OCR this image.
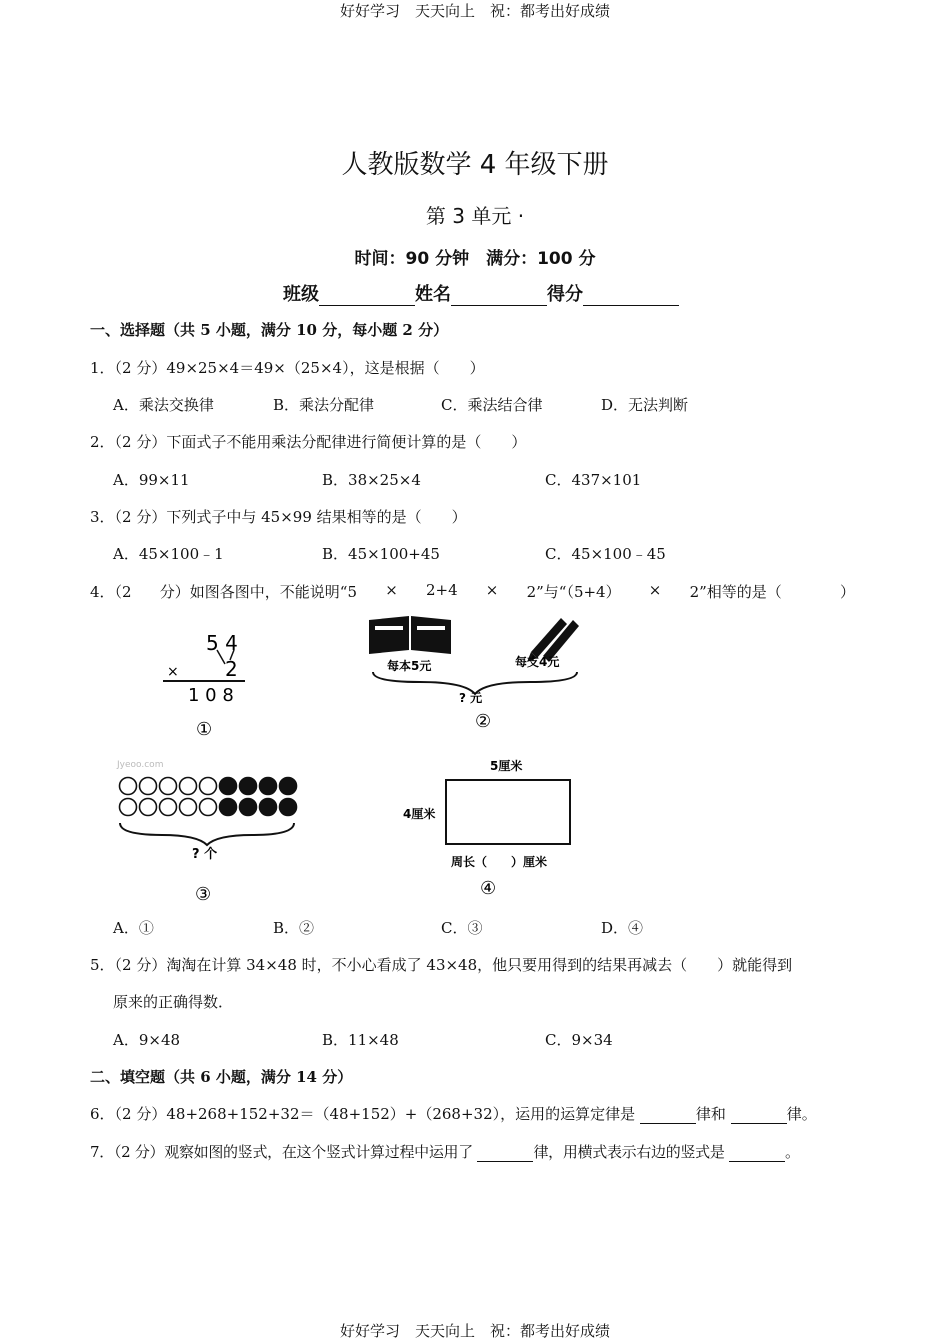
好好学习　天天向上　祝：都考出好成绩
人教版数学 4 年级下册
第 3 单元 ·
时间：90 分钟　满分：100 分
班级	姓名	得分
一、选择题（共 5 小题，满分 10 分，每小题 2 分）
1．（2 分）49×25×4＝49×（25×4），这是根据（　　）
A．乘法交换律	B．乘法分配律	C．乘法结合律	D．无法判断
2．（2 分）下面式子不能用乘法分配律进行简便计算的是（　　）
A．99×11	B．38×25×4	C．437×101
3．（2 分）下列式子中与 45×99 结果相等的是（　　）
A．45×100﹣1	B．45×100+45	C．45×100﹣45
4．（2 分）如图各图中，不能说明“5 × 2+4 × 2”与“（5+4） × 2”相等的是（ 　　）
5 4
× 2
1 0 8
①
每本5元	每支4元
? 元
②
Jyeoo.com
? 个
③
5厘米
4厘米
周长（　　）厘米
④
A．①	B．②	C．③	D．④
5．（2 分）淘淘在计算 34×48 时，不小心看成了 43×48，他只要用得到的结果再减去（　　）就能得到
原来的正确得数．
A．9×48	B．11×48	C．9×34
二、填空题（共 6 小题，满分 14 分）
6．（2 分）48+268+152+32＝（48+152）+（268+32），运用的运算定律是	律和	律。
7．（2 分）观察如图的竖式，在这个竖式计算过程中运用了	律，用横式表示右边的竖式是	。
好好学习　天天向上　祝：都考出好成绩
